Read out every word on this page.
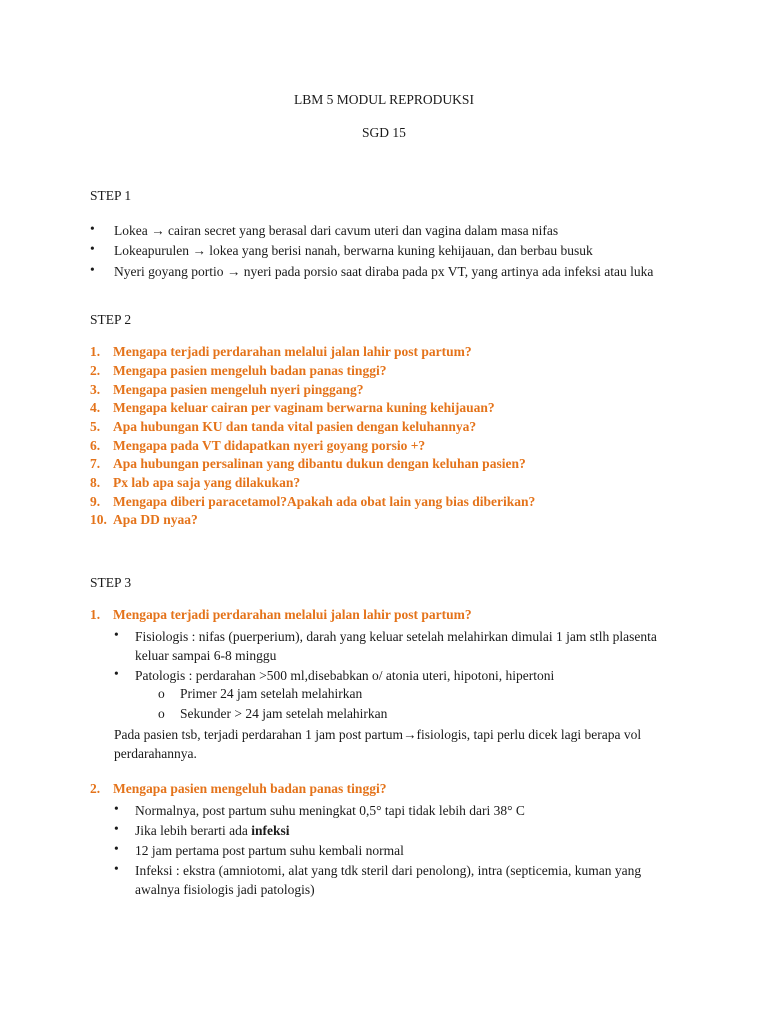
LBM 5 MODUL REPRODUKSI
SGD 15
STEP 1
•	Lokea → cairan secret yang berasal dari cavum uteri dan vagina dalam masa nifas
•	Lokeapurulen → lokea yang berisi nanah, berwarna kuning kehijauan, dan berbau busuk
•	Nyeri goyang portio → nyeri pada porsio saat diraba pada px VT, yang artinya ada infeksi atau luka
STEP 2
1. Mengapa terjadi perdarahan melalui jalan lahir post partum?
2. Mengapa pasien mengeluh badan panas tinggi?
3. Mengapa pasien mengeluh nyeri pinggang?
4. Mengapa keluar cairan per vaginam berwarna kuning kehijauan?
5. Apa hubungan KU dan tanda vital pasien dengan keluhannya?
6. Mengapa pada VT didapatkan nyeri goyang porsio +?
7. Apa hubungan persalinan yang dibantu dukun dengan keluhan pasien?
8. Px lab apa saja yang dilakukan?
9. Mengapa diberi paracetamol?Apakah ada obat lain yang bias diberikan?
10. Apa DD nyaa?
STEP 3
1. Mengapa terjadi perdarahan melalui jalan lahir post partum?
•	Fisiologis : nifas (puerperium), darah yang keluar setelah melahirkan dimulai 1 jam stlh plasenta keluar sampai 6-8 minggu
•	Patologis : perdarahan >500 ml,disebabkan o/ atonia uteri, hipotoni, hipertoni
o Primer 24 jam setelah melahirkan
o Sekunder > 24 jam setelah melahirkan
Pada pasien tsb, terjadi perdarahan 1 jam post partum→fisiologis, tapi perlu dicek lagi berapa vol perdarahannya.
2. Mengapa pasien mengeluh badan panas tinggi?
•	Normalnya, post partum suhu meningkat 0,5° tapi tidak lebih dari 38° C
•	Jika lebih berarti ada infeksi
•	12 jam pertama post partum suhu kembali normal
•	Infeksi : ekstra (amniotomi, alat yang tdk steril dari penolong), intra (septicemia, kuman yang awalnya fisiologis jadi patologis)
